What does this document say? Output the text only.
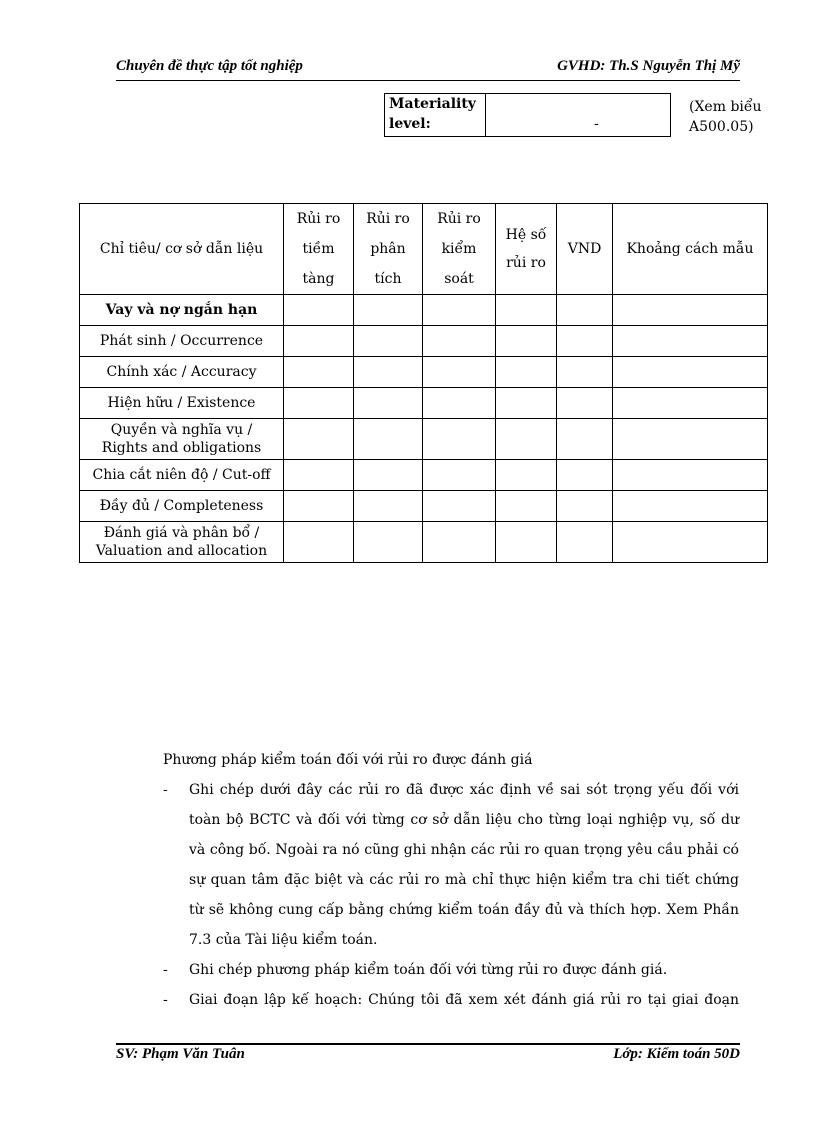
Chuyên đề thực tập tốt nghiệp	GVHD: Th.S Nguyễn Thị Mỹ
Materiality level:	-
(Xem biểu A500.05)
Chỉ tiêu/ cơ sở dẫn liệu	Rủi ro tiềm tàng	Rủi ro phân tích	Rủi ro kiểm soát	Hệ số rủi ro	VND	Khoảng cách mẫu
Vay và nợ ngắn hạn						
Phát sinh / Occurrence						
Chính xác / Accuracy						
Hiện hữu / Existence						
Quyền và nghĩa vụ / Rights and obligations						
Chia cắt niên độ / Cut-off						
Đầy đủ / Completeness						
Đánh giá và phân bổ / Valuation and allocation						

Phương pháp kiểm toán đối với rủi ro được đánh giá

- Ghi chép dưới đây các rủi ro đã được xác định về sai sót trọng yếu đối với toàn bộ BCTC và đối với từng cơ sở dẫn liệu cho từng loại nghiệp vụ, số dư và công bố. Ngoài ra nó cũng ghi nhận các rủi ro quan trọng yêu cầu phải có sự quan tâm đặc biệt và các rủi ro mà chỉ thực hiện kiểm tra chi tiết chứng từ sẽ không cung cấp bằng chứng kiểm toán đầy đủ và thích hợp. Xem Phần 7.3 của Tài liệu kiểm toán.
- Ghi chép phương pháp kiểm toán đối với từng rủi ro được đánh giá.
- Giai đoạn lập kế hoạch: Chúng tôi đã xem xét đánh giá rủi ro tại giai đoạn
SV: Phạm Văn Tuân	Lớp: Kiểm toán 50D
